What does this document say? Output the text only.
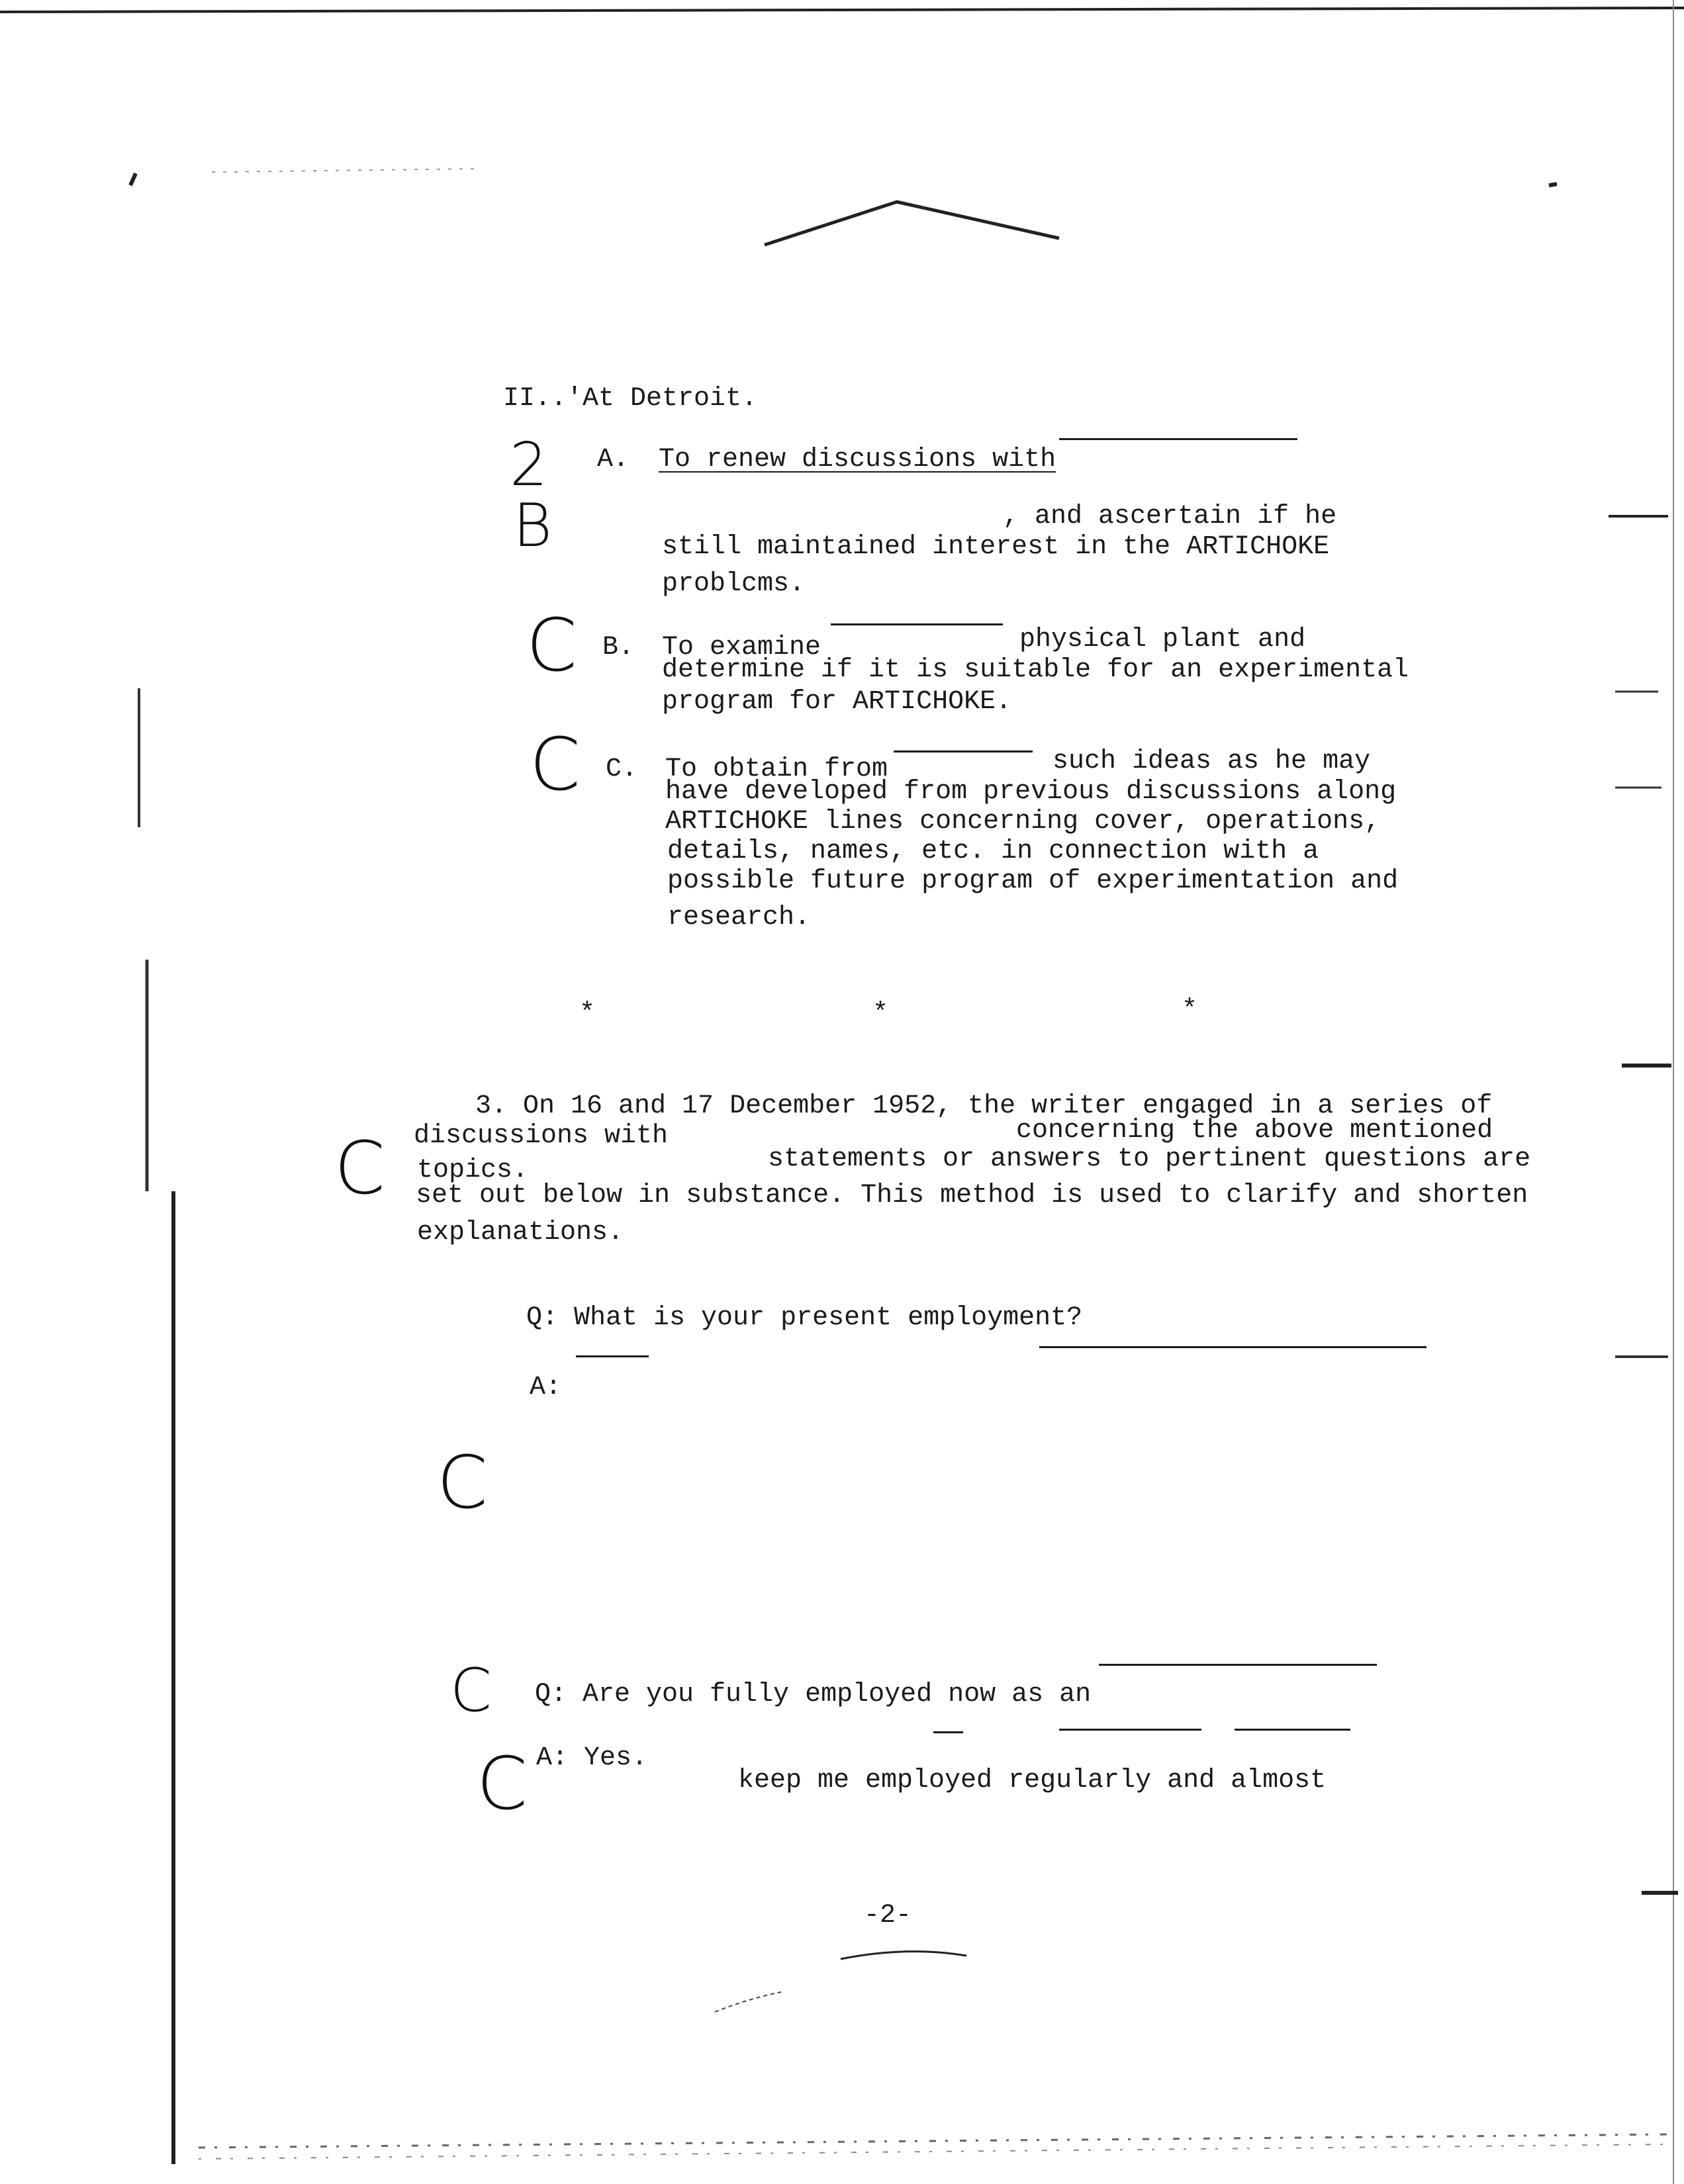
II..'At Detroit.
A. To renew discussions with
, and ascertain if he
still maintained interest in the ARTICHOKE
problcms.
B. To examine	physical plant and
determine if it is suitable for an experimental
program for ARTICHOKE.
C. To obtain from	such ideas as he may
have developed from previous discussions along
ARTICHOKE lines concerning cover, operations,
details, names, etc. in connection with a
possible future program of experimentation and
research.
*	*	*
3. On 16 and 17 December 1952, the writer engaged in a series of
discussions with	concerning the above mentioned
topics.	statements or answers to pertinent questions are
set out below in substance. This method is used to clarify and shorten
explanations.
Q: What is your present employment?
A:
Q: Are you fully employed now as an
A: Yes.
keep me employed regularly and almost
2
B
C
C
C
C
C
C
-2-
